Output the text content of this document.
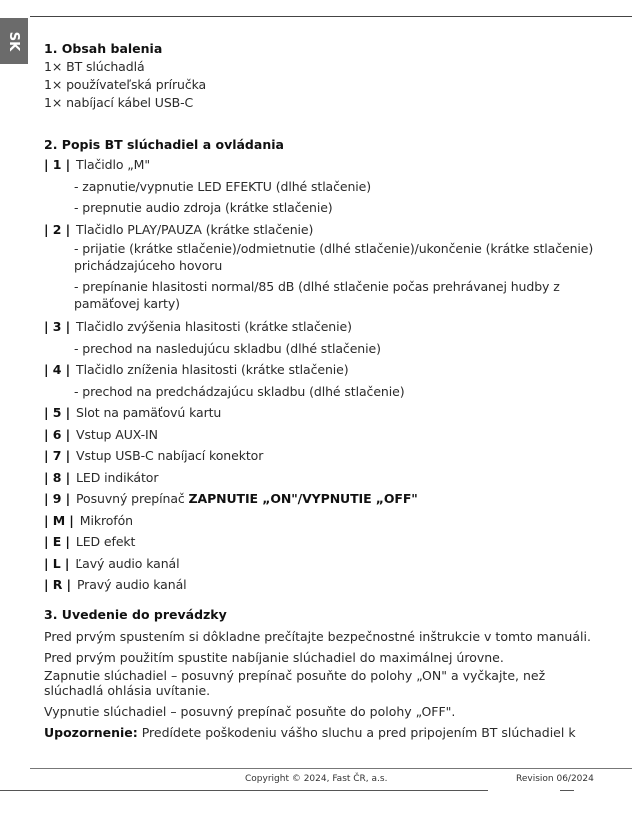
SK 1. Obsah balenia
1× BT slúchadlá
1× používateľská príručka
1× nabíjací kábel USB-C
2. Popis BT slúchadiel a ovládania
| 1 | Tlačidlo „M"
- zapnutie/vypnutie LED EFEKTU (dlhé stlačenie)
- prepnutie audio zdroja (krátke stlačenie)
| 2 | Tlačidlo PLAY/PAUZA (krátke stlačenie)
- prijatie (krátke stlačenie)/odmietnutie (dlhé stlačenie)/ukončenie (krátke stlačenie) prichádzajúceho hovoru
- prepínanie hlasitosti normal/85 dB (dlhé stlačenie počas prehrávanej hudby z pamäťovej karty)
| 3 | Tlačidlo zvýšenia hlasitosti (krátke stlačenie)
- prechod na nasledujúcu skladbu (dlhé stlačenie)
| 4 | Tlačidlo zníženia hlasitosti (krátke stlačenie)
- prechod na predchádzajúcu skladbu (dlhé stlačenie)
| 5 | Slot na pamäťovú kartu
| 6 | Vstup AUX-IN
| 7 | Vstup USB-C nabíjací konektor
| 8 | LED indikátor
| 9 | Posuvný prepínač ZAPNUTIE „ON"/VYPNUTIE „OFF"
| M | Mikrofón
| E | LED efekt
| L | Ľavý audio kanál
| R | Pravý audio kanál
3. Uvedenie do prevádzky
Pred prvým spustením si dôkladne prečítajte bezpečnostné inštrukcie v tomto manuáli.
Pred prvým použitím spustite nabíjanie slúchadiel do maximálnej úrovne.
Zapnutie slúchadiel – posuvný prepínač posuňte do polohy „ON" a vyčkajte, než slúchadlá ohlásia uvítanie.
Vypnutie slúchadiel – posuvný prepínač posuňte do polohy „OFF".
Upozornenie: Predídete poškodeniu vášho sluchu a pred pripojením BT slúchadiel k
Copyright © 2024, Fast ČR, a.s.	Revision 06/2024
